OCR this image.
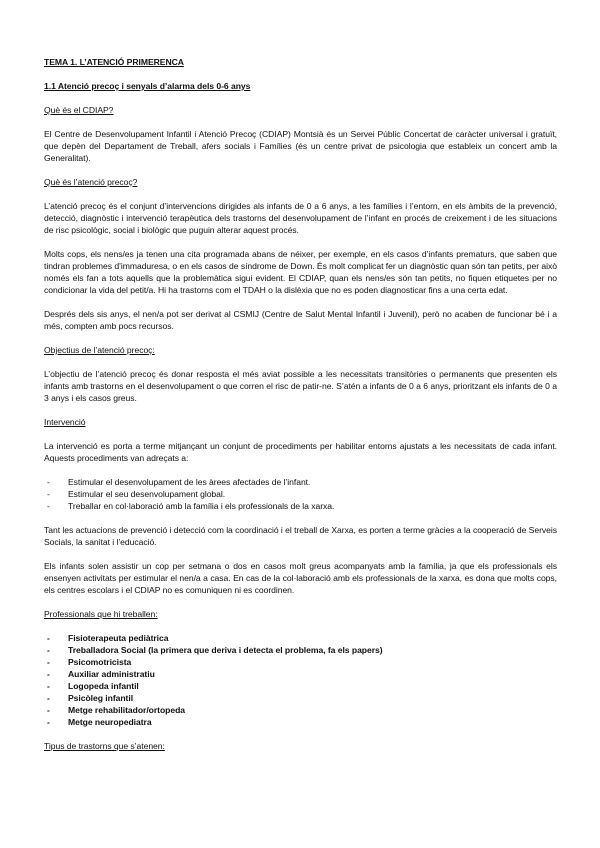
TEMA 1. L’ATENCIÓ PRIMERENCA
1.1 Atenció precoç i senyals d’alarma dels 0-6 anys
Què és el CDIAP?

El Centre de Desenvolupament Infantil i Atenció Precoç (CDIAP) Montsià és un Servei Públic Concertat de caràcter universal i gratuït, que depèn del Departament de Treball, afers socials i Famílies (és un centre privat de psicologia que estableix un concert amb la Generalitat).

Què és l’atenció precoç?

L’atenció precoç és el conjunt d’intervencions dirigides als infants de 0 a 6 anys, a les famílies i l’entorn, en els àmbits de la prevenció, detecció, diagnòstic i intervenció terapèutica dels trastorns del desenvolupament de l’infant en procés de creixement i de les situacions de risc psicològic, social i biològic que puguin alterar aquest procés.

Molts cops, els nens/es ja tenen una cita programada abans de néixer, per exemple, en els casos d’infants prematurs, que saben que tindran problemes d’immaduresa, o en els casos de síndrome de Down. És molt complicat fer un diagnòstic quan són tan petits, per això només els fan a tots aquells que la problemàtica sigui evident. El CDIAP, quan els nens/es són tan petits, no fiquen etiquetes per no condicionar la vida del petit/a. Hi ha trastorns com el TDAH o la dislèxia que no es poden diagnosticar fins a una certa edat.

Després dels sis anys, el nen/a pot ser derivat al CSMIJ (Centre de Salut Mental Infantil i Juvenil), però no acaben de funcionar bé i a més, compten amb pocs recursos.

Objectius de l’atenció precoç:

L’objectiu de l’atenció precoç és donar resposta el més aviat possible a les necessitats transitòries o permanents que presenten els infants amb trastorns en el desenvolupament o que corren el risc de patir-ne. S’atén a infants de 0 a 6 anys, prioritzant els infants de 0 a 3 anys i els casos greus.

Intervenció

La intervenció es porta a terme mitjançant un conjunt de procediments per habilitar entorns ajustats a les necessitats de cada infant. Aquests procediments van adreçats a:

- Estimular el desenvolupament de les àrees afectades de l’infant.
- Estimular el seu desenvolupament global.
- Treballar en col·laboració amb la família i els professionals de la xarxa.

Tant les actuacions de prevenció i detecció com la coordinació i el treball de Xarxa, es porten a terme gràcies a la cooperació de Serveis Socials, la sanitat i l’educació.

Els infants solen assistir un cop per setmana o dos en casos molt greus acompanyats amb la família, ja que els professionals els ensenyen activitats per estimular el nen/a a casa. En cas de la col·laboració amb els professionals de la xarxa, es dona que molts cops, els centres escolars i el CDIAP no es comuniquen ni es coordinen.

Professionals que hi treballen:
- Fisioterapeuta pediàtrica
- Treballadora Social (la primera que deriva i detecta el problema, fa els papers)
- Psicomotricista
- Auxiliar administratiu
- Logopeda infantil
- Psicòleg infantil
- Metge rehabilitador/ortopeda
- Metge neuropediatra
Tipus de trastorns que s’atenen:
